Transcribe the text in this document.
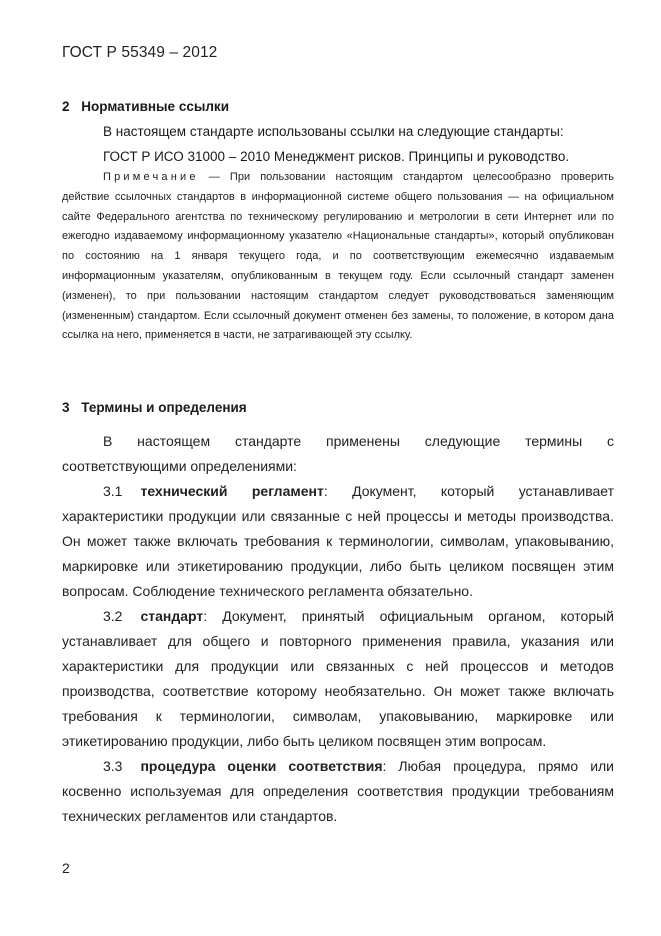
ГОСТ Р 55349 – 2012
2 Нормативные ссылки
В настоящем стандарте использованы ссылки на следующие стандарты:
ГОСТ Р ИСО 31000 – 2010 Менеджмент рисков. Принципы и руководство.
Примечание — При пользовании настоящим стандартом целесообразно проверить действие ссылочных стандартов в информационной системе общего пользования — на официальном сайте Федерального агентства по техническому регулированию и метрологии в сети Интернет или по ежегодно издаваемому информационному указателю «Национальные стандарты», который опубликован по состоянию на 1 января текущего года, и по соответствующим ежемесячно издаваемым информационным указателям, опубликованным в текущем году. Если ссылочный стандарт заменен (изменен), то при пользовании настоящим стандартом следует руководствоваться заменяющим (измененным) стандартом. Если ссылочный документ отменен без замены, то положение, в котором дана ссылка на него, применяется в части, не затрагивающей эту ссылку.
3 Термины и определения
В настоящем стандарте применены следующие термины с соответствующими определениями:
3.1 технический регламент: Документ, который устанавливает характеристики продукции или связанные с ней процессы и методы производства. Он может также включать требования к терминологии, символам, упаковыванию, маркировке или этикетированию продукции, либо быть целиком посвящен этим вопросам. Соблюдение технического регламента обязательно.
3.2 стандарт: Документ, принятый официальным органом, который устанавливает для общего и повторного применения правила, указания или характеристики для продукции или связанных с ней процессов и методов производства, соответствие которому необязательно. Он может также включать требования к терминологии, символам, упаковыванию, маркировке или этикетированию продукции, либо быть целиком посвящен этим вопросам.
3.3 процедура оценки соответствия: Любая процедура, прямо или косвенно используемая для определения соответствия продукции требованиям технических регламентов или стандартов.
2
